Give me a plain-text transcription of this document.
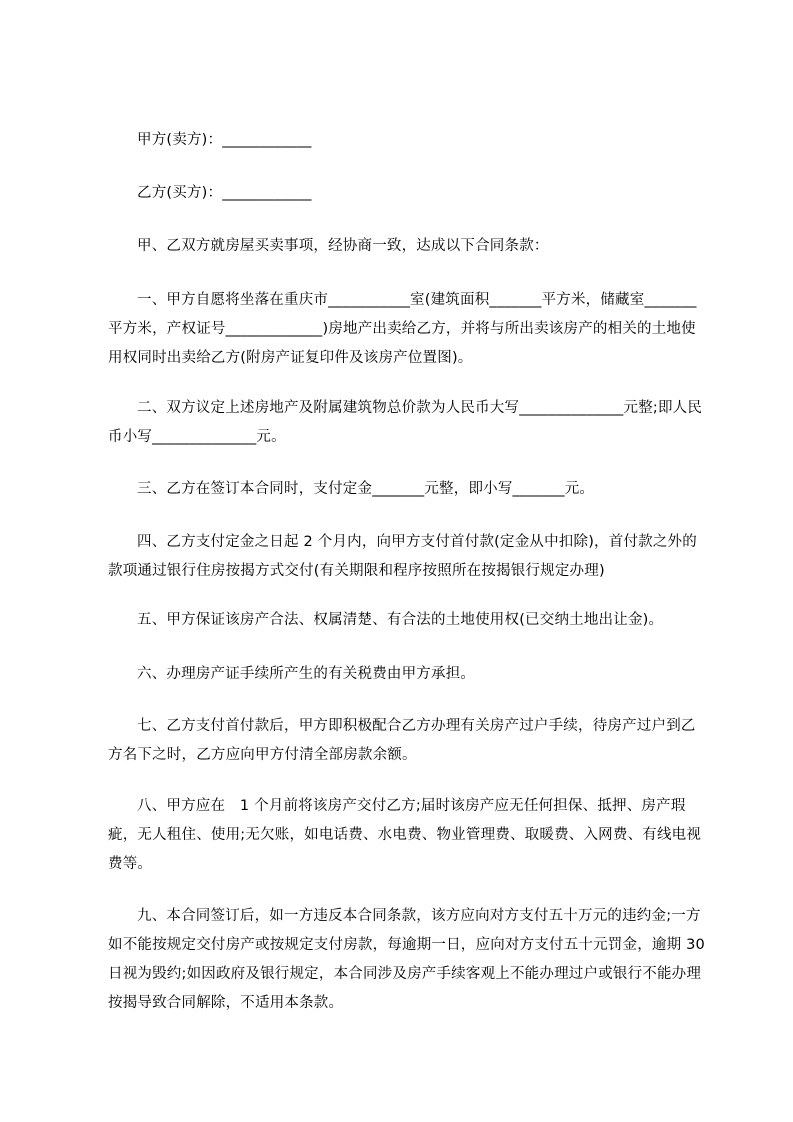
甲方(卖方)：____________

乙方(买方)：____________

甲、乙双方就房屋买卖事项，经协商一致，达成以下合同条款：

一、甲方自愿将坐落在重庆市___________室(建筑面积_______平方米，储藏室_______平方米，产权证号_____________)房地产出卖给乙方，并将与所出卖该房产的相关的土地使用权同时出卖给乙方(附房产证复印件及该房产位置图)。

二、双方议定上述房地产及附属建筑物总价款为人民币大写______________元整;即人民币小写______________元。

三、乙方在签订本合同时，支付定金_______元整，即小写_______元。

四、乙方支付定金之日起 2 个月内，向甲方支付首付款(定金从中扣除)，首付款之外的款项通过银行住房按揭方式交付(有关期限和程序按照所在按揭银行规定办理)

五、甲方保证该房产合法、权属清楚、有合法的土地使用权(已交纳土地出让金)。

六、办理房产证手续所产生的有关税费由甲方承担。

七、乙方支付首付款后，甲方即积极配合乙方办理有关房产过户手续，待房产过户到乙方名下之时，乙方应向甲方付清全部房款余额。

八、甲方应在　1 个月前将该房产交付乙方;届时该房产应无任何担保、抵押、房产瑕疵，无人租住、使用;无欠账，如电话费、水电费、物业管理费、取暖费、入网费、有线电视费等。

九、本合同签订后，如一方违反本合同条款，该方应向对方支付五十万元的违约金;一方如不能按规定交付房产或按规定支付房款，每逾期一日，应向对方支付五十元罚金，逾期 30 日视为毁约;如因政府及银行规定，本合同涉及房产手续客观上不能办理过户或银行不能办理按揭导致合同解除，不适用本条款。
